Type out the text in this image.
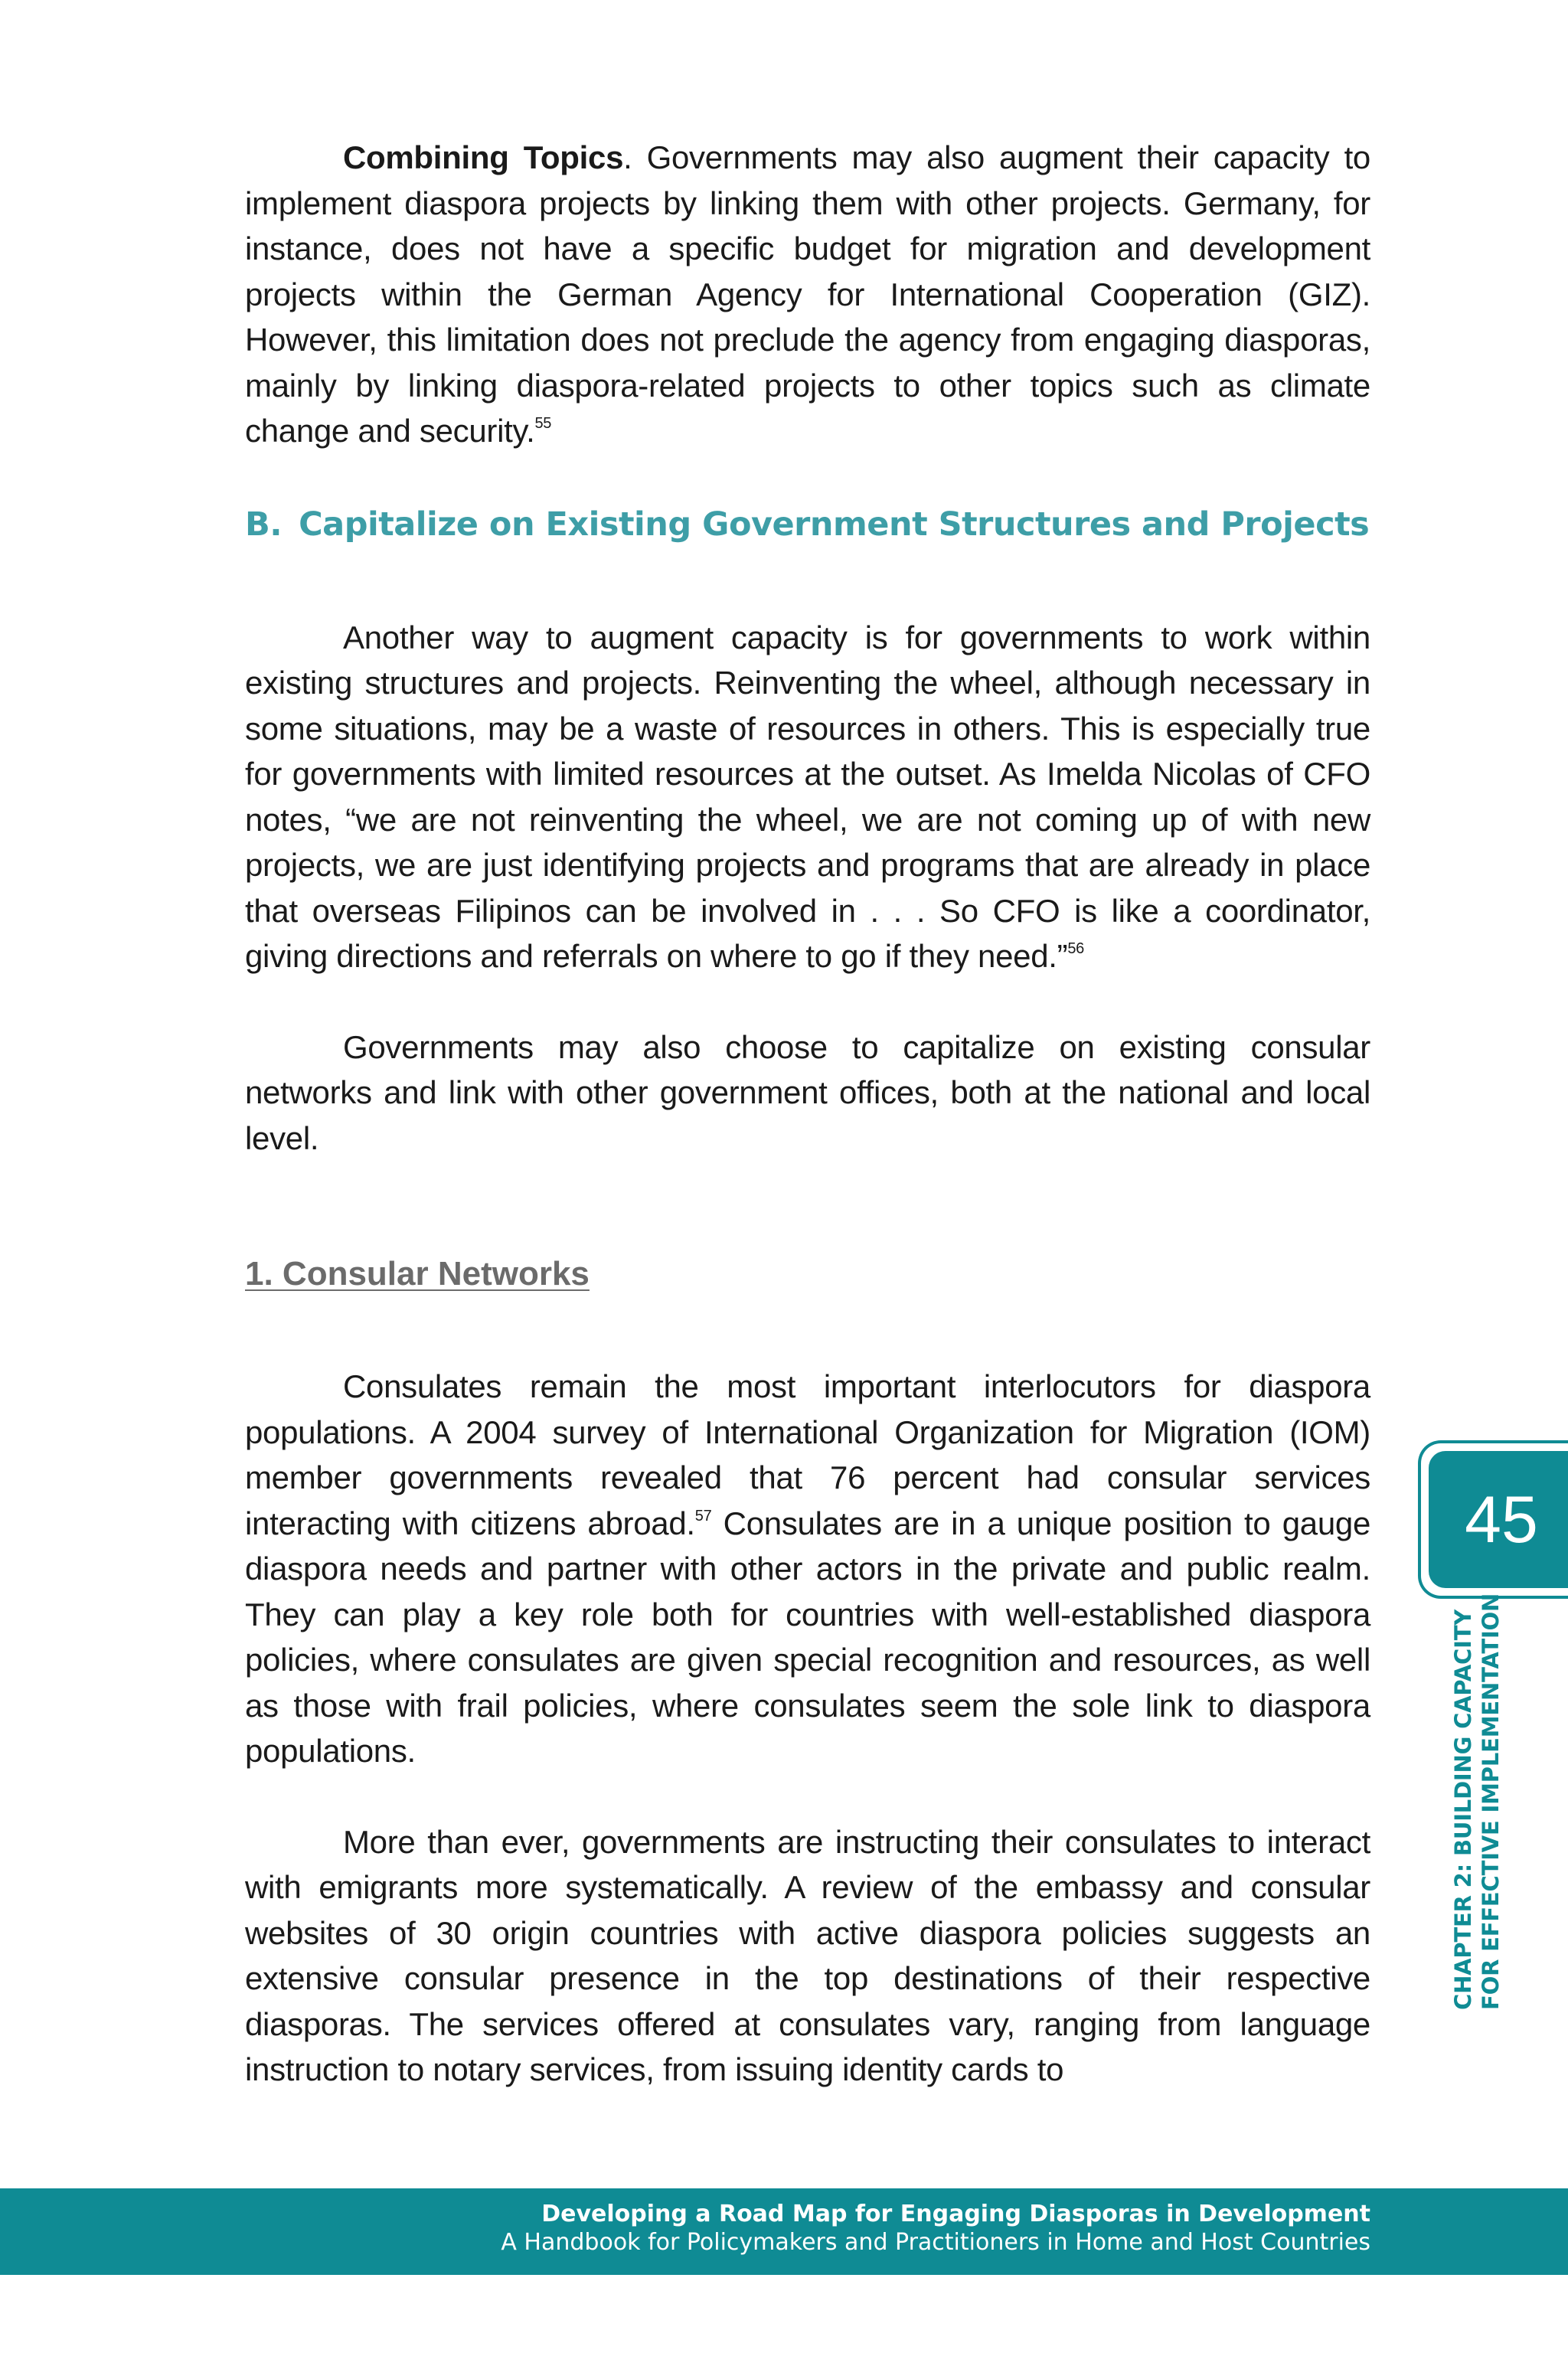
Combining Topics. Governments may also augment their capacity to implement diaspora projects by linking them with other projects. Germany, for instance, does not have a specific budget for migration and development projects within the German Agency for International Cooperation (GIZ). However, this limitation does not preclude the agency from engaging diasporas, mainly by linking diaspora-related projects to other topics such as climate change and security.$^{55}$

B. Capitalize on Existing Government Structures and Projects

Another way to augment capacity is for governments to work within existing structures and projects. Reinventing the wheel, although necessary in some situations, may be a waste of resources in others. This is especially true for governments with limited resources at the outset. As Imelda Nicolas of CFO notes, “we are not reinventing the wheel, we are not coming up of with new projects, we are just identifying projects and programs that are already in place that overseas Filipinos can be involved in . . . So CFO is like a coordinator, giving directions and referrals on where to go if they need.”$^{56}$

Governments may also choose to capitalize on existing consular networks and link with other government offices, both at the national and local level.

1. Consular Networks

Consulates remain the most important interlocutors for diaspora populations. A 2004 survey of International Organization for Migration (IOM) member governments revealed that 76 percent had consular services interacting with citizens abroad.$^{57}$ Consulates are in a unique position to gauge diaspora needs and partner with other actors in the private and public realm. They can play a key role both for countries with well-established diaspora policies, where consulates are given special recognition and resources, as well as those with frail policies, where consulates seem the sole link to diaspora populations.

More than ever, governments are instructing their consulates to interact with emigrants more systematically. A review of the embassy and consular websites of 30 origin countries with active diaspora policies suggests an extensive consular presence in the top destinations of their respective diasporas. The services offered at consulates vary, ranging from language instruction to notary services, from issuing identity cards to

45
CHAPTER 2: BUILDING CAPACITY FOR EFFECTIVE IMPLEMENTATION
Developing a Road Map for Engaging Diasporas in Development
A Handbook for Policymakers and Practitioners in Home and Host Countries
